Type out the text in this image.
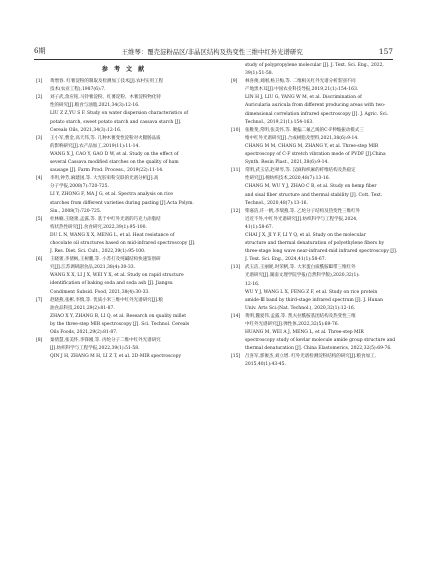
6期	王维琴：覆壳淀粉品区/非晶区结构及热变性三维中红外光谱研究	157
参 考 文 献
[1]	黄增春. 红薯淀粉的制取及检测加工技术[J].农村实用工程
技术(农业工程),1987(6):7.
[2]	刘子武,余应铭,马铃薯淀粉、红薯淀粉、木薯淀粉物化特
性的研究[J].粮食与油脂,2021,34(3):12-16.
LIU Z Z,YU S F. Study on water dispersion characteristics of
potato starch, sweet potato starch and cassava starch [J].
Cereals Oils, 2021,34(3):12-16.
[3]	王小军,曹金,高天伟,等. 几种木薯变性淀粉对火腿肠品质
的影响研究[J].农产品加工,2019(11):11-14.
WANG X J, CAO Y, GAO D W, et al. Study on the effect of
several Cassava modified starches on the quality of ham
sausage [J]. Farm Prod. Process., 2019(22):11-14.
[4]	李玥,钟芳,麻建国,等. 大光胶束粉交联的光谱分析[J].高
分子学报,2008(7):720-725.
LI Y, ZHONG F, MA J G, et al. Spectra analysis on rice
starches from different varieties during pasting [J].Acta Polym.
Sin., 2008(7):720-725.
[5]	杜林楠,王晓蕾,孟露,等. 基于中红外光谱的巧克力添脂结
构状热性研究[J].食食研究,2022,39(1):95-100.
DU L N, WANG X X, MENG L, et al. Heat resistance of
chocolate oil structures based on mid-infrared spectroscopy [J].
J. Res. Diet. Sci. Cult., 2022,39(1):95-100.
[6]	王晓蕾,李倩枫,王树鹏,等. 小苏打及纯碱结构快速鉴别研
究[J].江苏调研副食品,2021,38(4):30-33.
WANG X X, LI J X, WEI Y X, et al. Study on rapid structure
identification of baking soda and soda ash [J]. Jiangsu
Condiment Subsid. Food, 2021,38(4):30-33.
[7]	赵晓燕,张彬,李慎,等. 优质小米三维中红外光谱研究[J].粮
油食品科技,2021,29(2):81-87.
ZHAO X Y, ZHANG B, LI Q, et al. Research on quality millet
by the three-step MIR spectroscopy [J]. Sci. Technol. Cereals
Oils Foods, 2021,29(2):81-87.
[8]	秦倩慧,张美怀,李锋刚,等. 丙纶分子二维中红外光谱研究
[J].纺织科学与工程学报,2022,39(1):51-58.
QIN J H, ZHANG M H, LI Z T, et al. 2D-MIR spectroscopy
study of polypropylene molecular [J]. J. Text. Sci. Eng., 2022,
39(1):51-58.
[9]	林喜俊,刘刚,杨卫梅,等. 二维相关红外光谱分析鉴别不同
产地黑木耳[J].中国农业科技导报,2019,21(1):154-163.
LIN H J, LIU G, YANG W M, et al. Discrimination of
Auricularia auricula from different producing areas with two-
dimensional correlation infrared spectroscopy [J]. J. Agric. Sci.
Technol., 2019,21(1):154-163.
[10]	张稚斐,常明,张美怀,等. 聚偏二氟乙烯的C-F伸缩振动模式三
维中红外光谱研究[J].合成树脂及塑料,2021,38(6):9-14.
CHANG M M, CHANG M, ZHANG Y, et al. Three-step MIR
spectroscopy of C-F stretch vibration mode of PVDF [J].China
Synth. Resin Plast., 2021,38(6):9-14.
[11]	常明,武玉洁,赵翠琴,等. 汉麻和织麻的纤维结构及热稳定
性研究[J].棉纺织技术,2020,48(7):13-16.
CHANG M, WU Y J, ZHAO C B, et al. Study on hemp fiber
and sisal fiber structure and thermal stability [J]. Cott. Text.
Technol., 2020,48(7):13-16.
[12]	柴嘉洁,许一帆,李瑞燕,等. 乙纶分子结构及热变性三维红外
近近不外,中红外光谱研究[J].纺织科学与工程学报,2024,
41(1):58-67.
CHAI J X, JI Y F, LI Y Q, et al. Study on the molecular
structure and thermal denaturation of polyethylene fibers by
three-stage long wave near-infrared-mid infrared spectroscopy [J].
J. Text. Sci. Eng., 2024,41(1):58-67.
[13]	武玉洁,王丽妮,时荣帆,等. 大米蛋白质酰胺Ⅲ带三维红外
光谱研究[J].湖南文理学院学报(自然科学版),2020,32(1):
12-16.
WU Y J, WANG L X, FENG Z F, et al. Study on rice protein
amide-Ⅲ band by third-stage infrared spectrum [J]. J. Hunan
Univ. Arts Sci.(Nat. Technol.), 2020,32(1):12-16.
[14]	黄明,魏爱伟,孟露,等. 凯夫拉酰胺基团结构及热变性三维
中红外光谱研究[J].弹性体,2022,32(5):69-76.
HUANG M, WEI A J, MENG L, et al. Three-step MIR
spectroscopy study of kevlar molecule amide group structure and
thermal denaturation [J]. China Elastomerics, 2022,32(5):69-76.
[15]	吕喜军,郭俊杰,刘立增. 红外光谱检测淀粉结构的研究[J].粮食加工,
2015,40(1):43-45.
